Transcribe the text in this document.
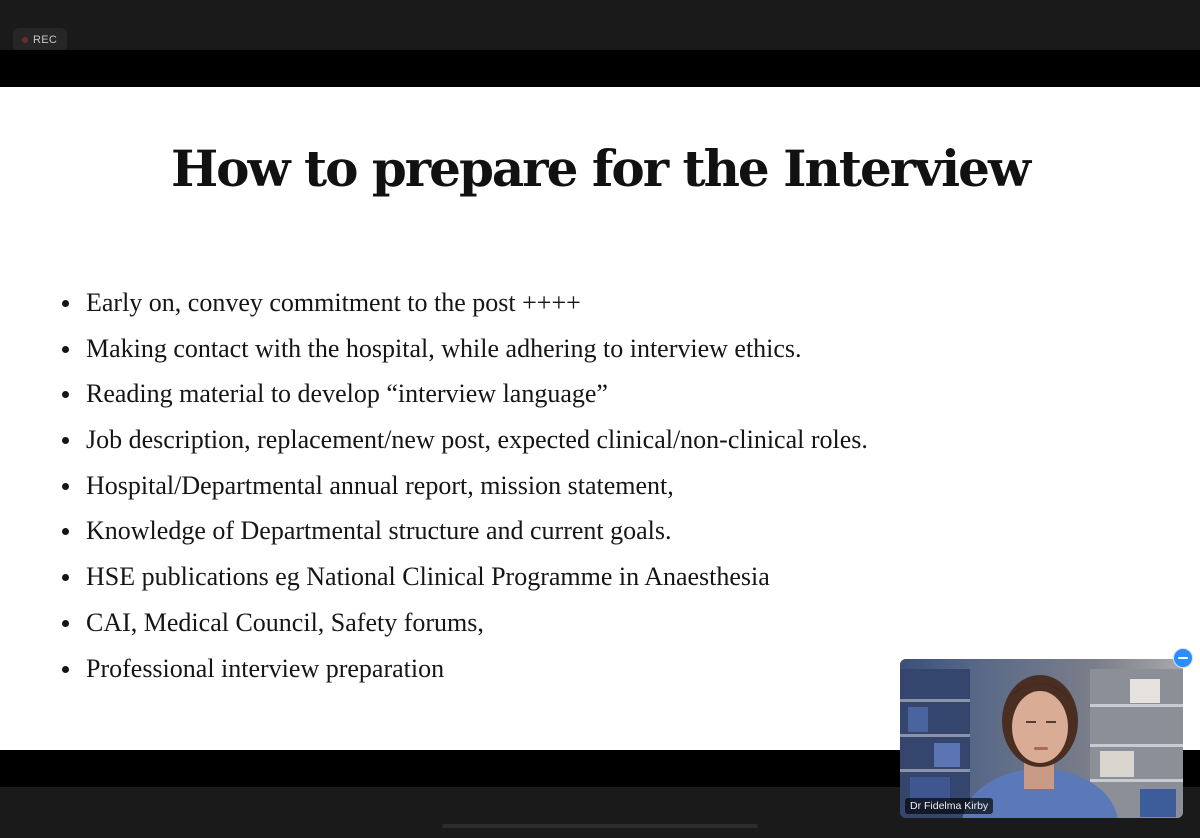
REC
How to prepare for the Interview
Early on, convey commitment to the post ++++
Making contact with the hospital, while adhering to interview ethics.
Reading material to develop “interview language”
Job description, replacement/new post, expected clinical/non-clinical roles.
Hospital/Departmental annual report, mission statement,
Knowledge of Departmental structure and current goals.
HSE publications eg National Clinical Programme in Anaesthesia
CAI, Medical Council, Safety forums,
Professional interview preparation
Dr Fidelma Kirby
